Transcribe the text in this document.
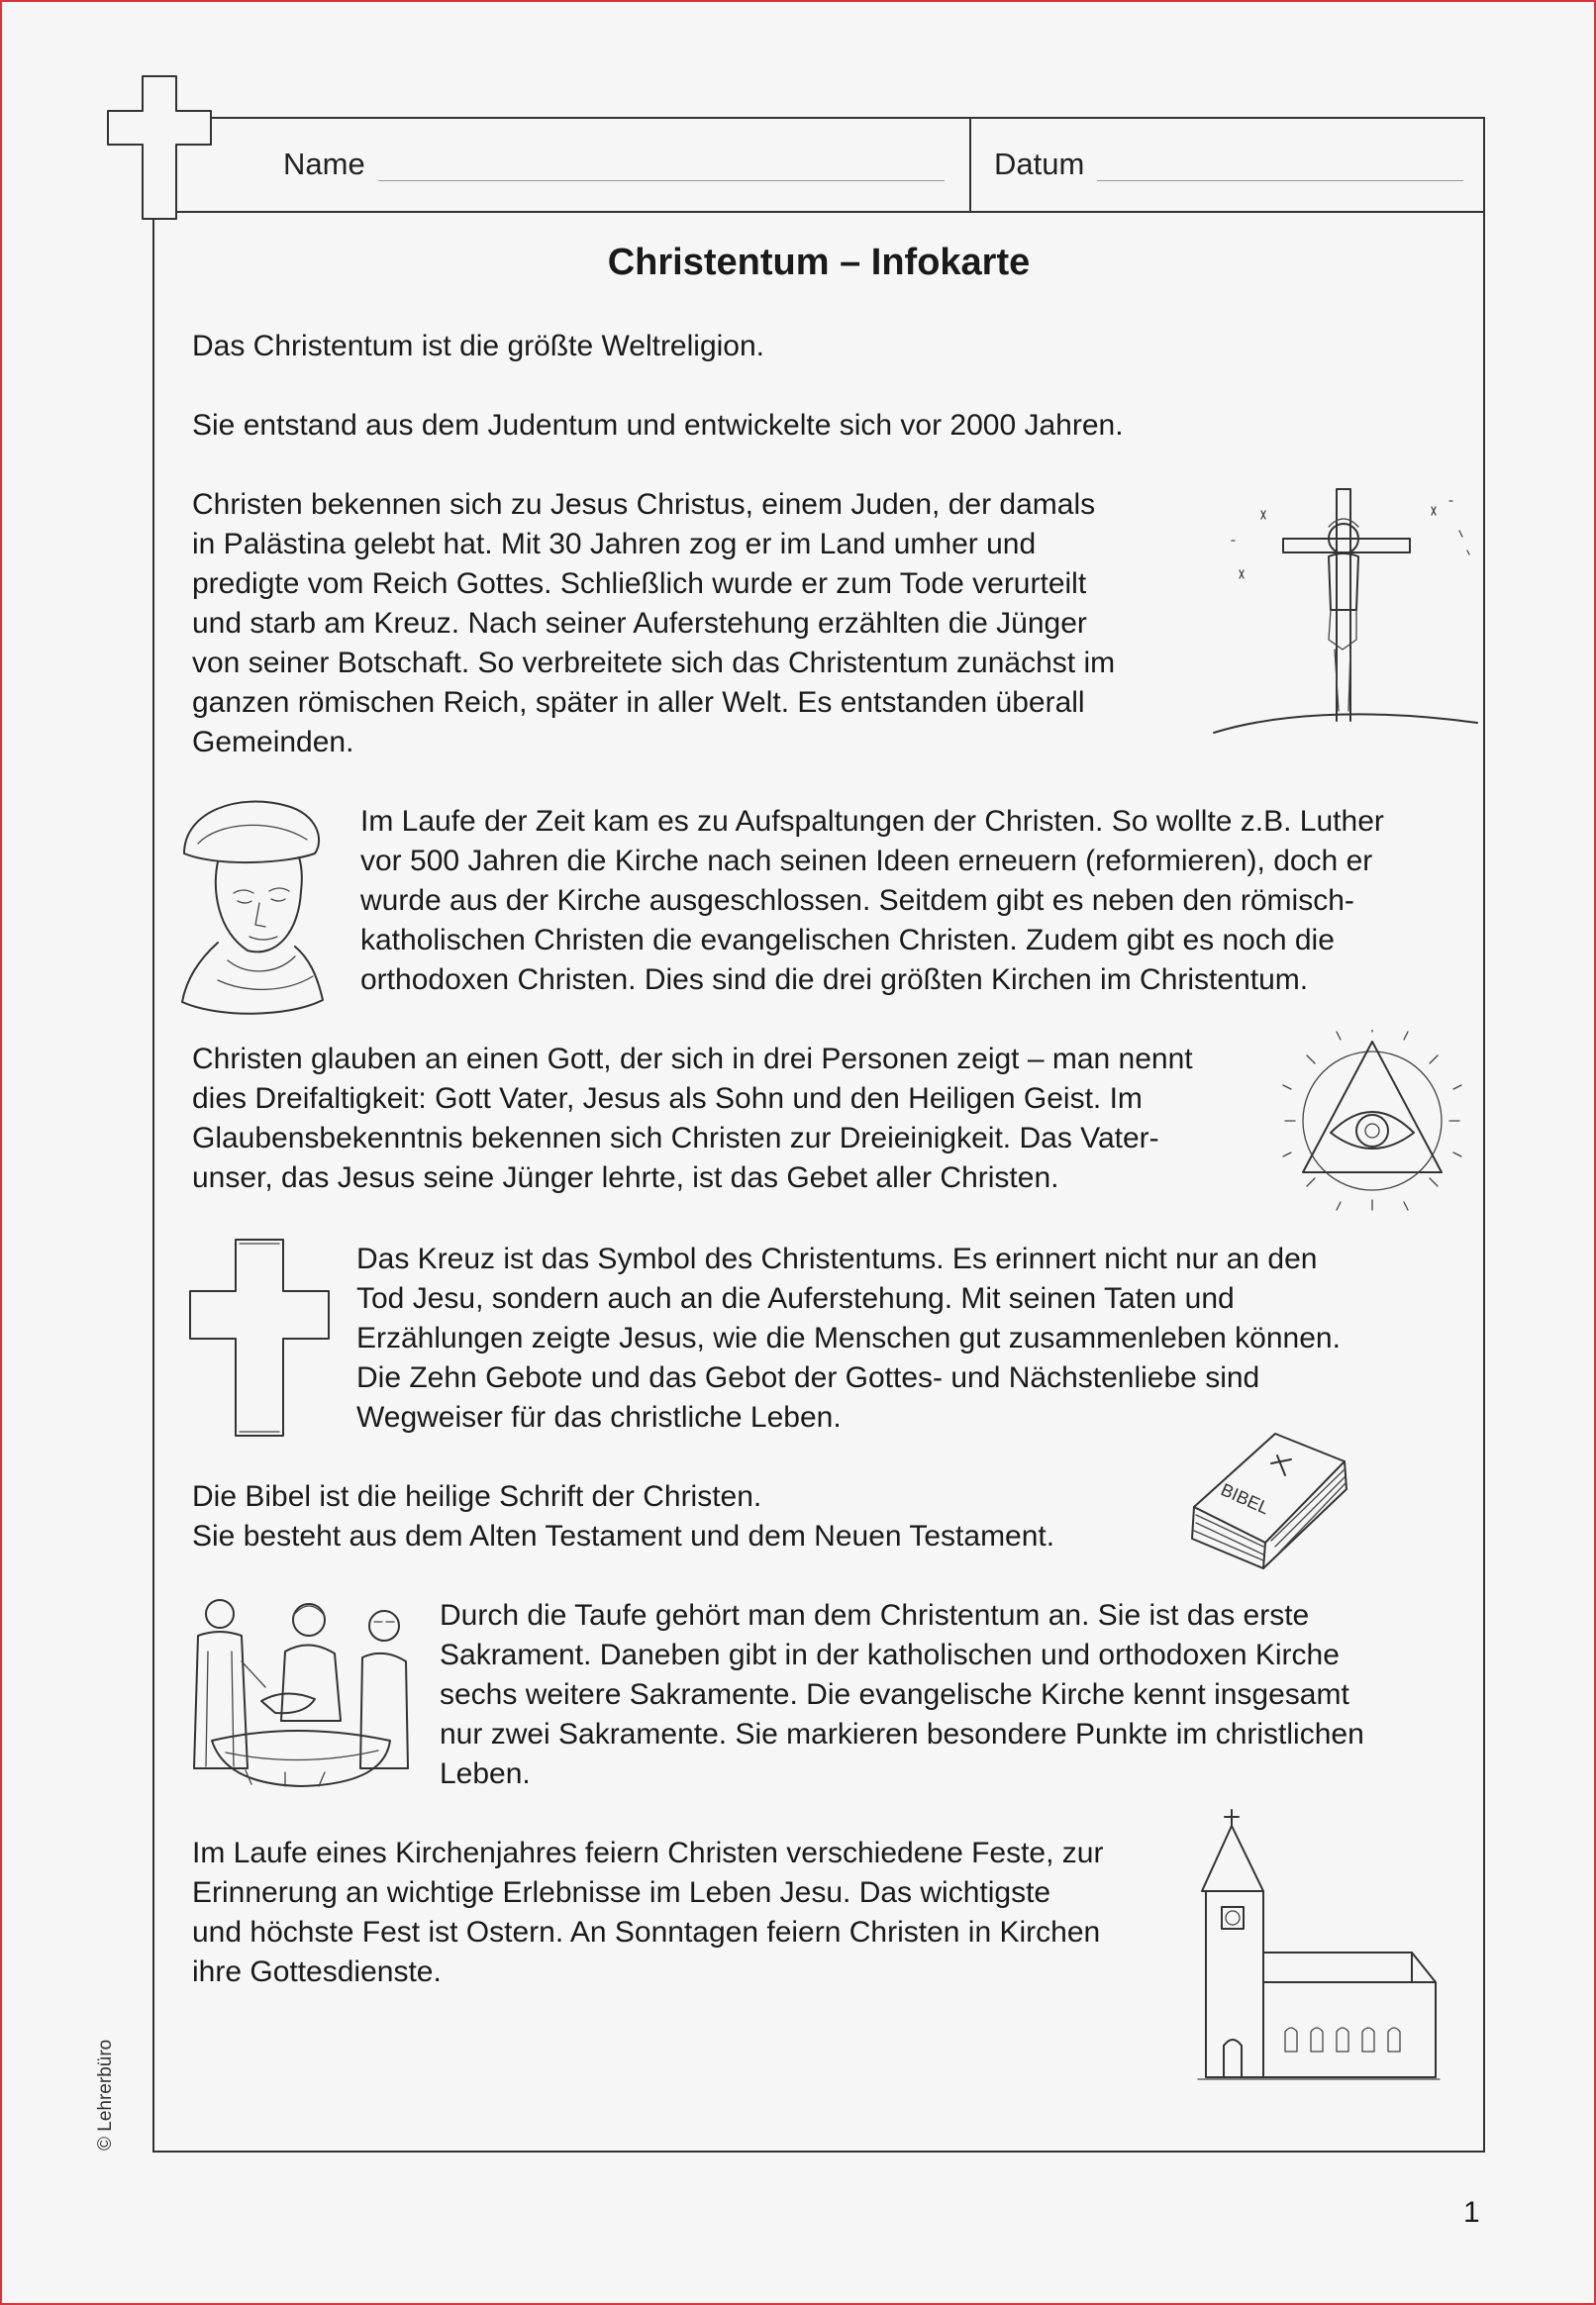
Name	Datum
Christentum – Infokarte

Das Christentum ist die größte Weltreligion.

Sie entstand aus dem Judentum und entwickelte sich vor 2000 Jahren.

Christen bekennen sich zu Jesus Christus, einem Juden, der damals
in Palästina gelebt hat. Mit 30 Jahren zog er im Land umher und
predigte vom Reich Gottes. Schließlich wurde er zum Tode verurteilt
und starb am Kreuz. Nach seiner Auferstehung erzählten die Jünger
von seiner Botschaft. So verbreitete sich das Christentum zunächst im
ganzen römischen Reich, später in aller Welt. Es entstanden überall
Gemeinden.

Im Laufe der Zeit kam es zu Aufspaltungen der Christen. So wollte z.B. Luther
vor 500 Jahren die Kirche nach seinen Ideen erneuern (reformieren), doch er
wurde aus der Kirche ausgeschlossen. Seitdem gibt es neben den römisch-
katholischen Christen die evangelischen Christen. Zudem gibt es noch die
orthodoxen Christen. Dies sind die drei größten Kirchen im Christentum.

Christen glauben an einen Gott, der sich in drei Personen zeigt – man nennt
dies Dreifaltigkeit: Gott Vater, Jesus als Sohn und den Heiligen Geist. Im
Glaubensbekenntnis bekennen sich Christen zur Dreieinigkeit. Das Vater-
unser, das Jesus seine Jünger lehrte, ist das Gebet aller Christen.

Das Kreuz ist das Symbol des Christentums. Es erinnert nicht nur an den
Tod Jesu, sondern auch an die Auferstehung. Mit seinen Taten und
Erzählungen zeigte Jesus, wie die Menschen gut zusammenleben können.
Die Zehn Gebote und das Gebot der Gottes- und Nächstenliebe sind
Wegweiser für das christliche Leben.

Die Bibel ist die heilige Schrift der Christen.
Sie besteht aus dem Alten Testament und dem Neuen Testament.

Durch die Taufe gehört man dem Christentum an. Sie ist das erste
Sakrament. Daneben gibt in der katholischen und orthodoxen Kirche
sechs weitere Sakramente. Die evangelische Kirche kennt insgesamt
nur zwei Sakramente. Sie markieren besondere Punkte im christlichen
Leben.

Im Laufe eines Kirchenjahres feiern Christen verschiedene Feste, zur
Erinnerung an wichtige Erlebnisse im Leben Jesu. Das wichtigste
und höchste Fest ist Ostern. An Sonntagen feiern Christen in Kirchen
ihre Gottesdienste.

BIBEL
© Lehrerbüro
1
